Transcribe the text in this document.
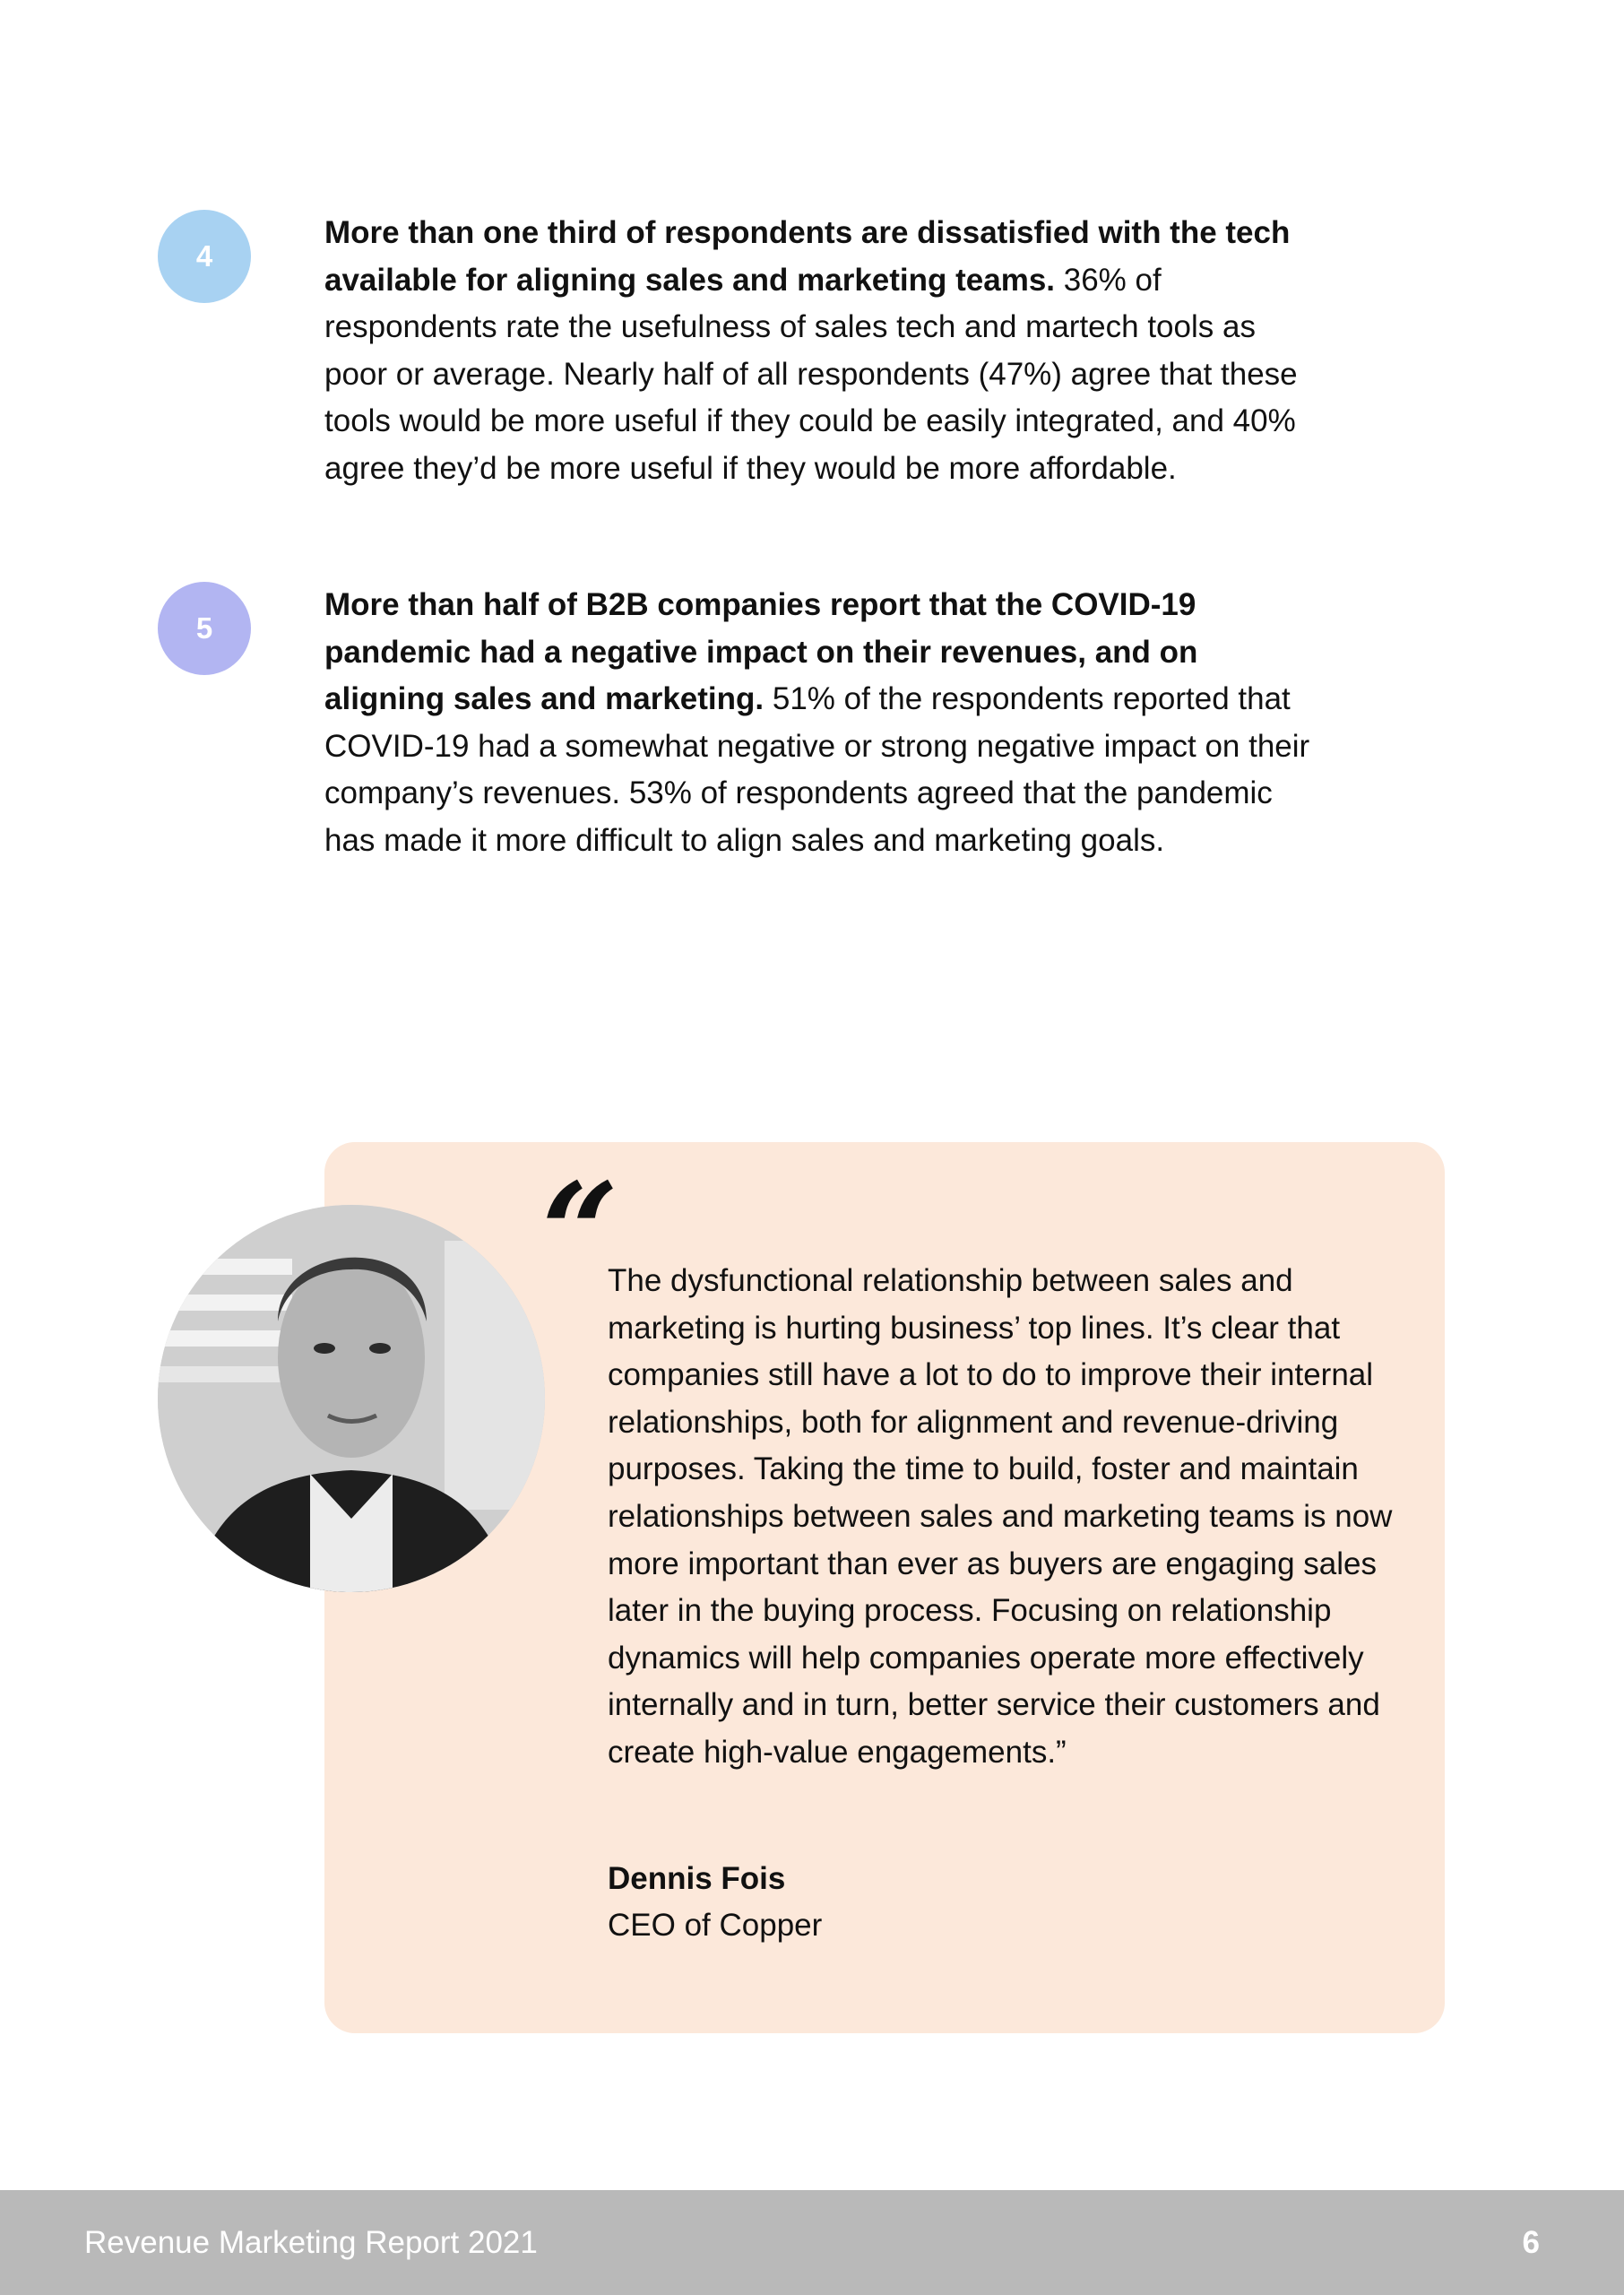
4

More than one third of respondents are dissatisfied with the tech available for aligning sales and marketing teams. 36% of respondents rate the usefulness of sales tech and martech tools as poor or average. Nearly half of all respondents (47%) agree that these tools would be more useful if they could be easily integrated, and 40% agree they’d be more useful if they would be more affordable.

5

More than half of B2B companies report that the COVID-19 pandemic had a negative impact on their revenues, and on aligning sales and marketing. 51% of the respondents reported that COVID-19 had a somewhat negative or strong negative impact on their company’s revenues. 53% of respondents agreed that the pandemic has made it more difficult to align sales and marketing goals.

“

The dysfunctional relationship between sales and marketing is hurting business’ top lines. It’s clear that companies still have a lot to do to improve their internal relationships, both for alignment and revenue-driving purposes. Taking the time to build, foster and maintain relationships between sales and marketing teams is now more important than ever as buyers are engaging sales later in the buying process. Focusing on relationship dynamics will help companies operate more effectively internally and in turn, better service their customers and create high-value engagements.”

Dennis Fois

CEO of Copper

Revenue Marketing Report 2021	6
